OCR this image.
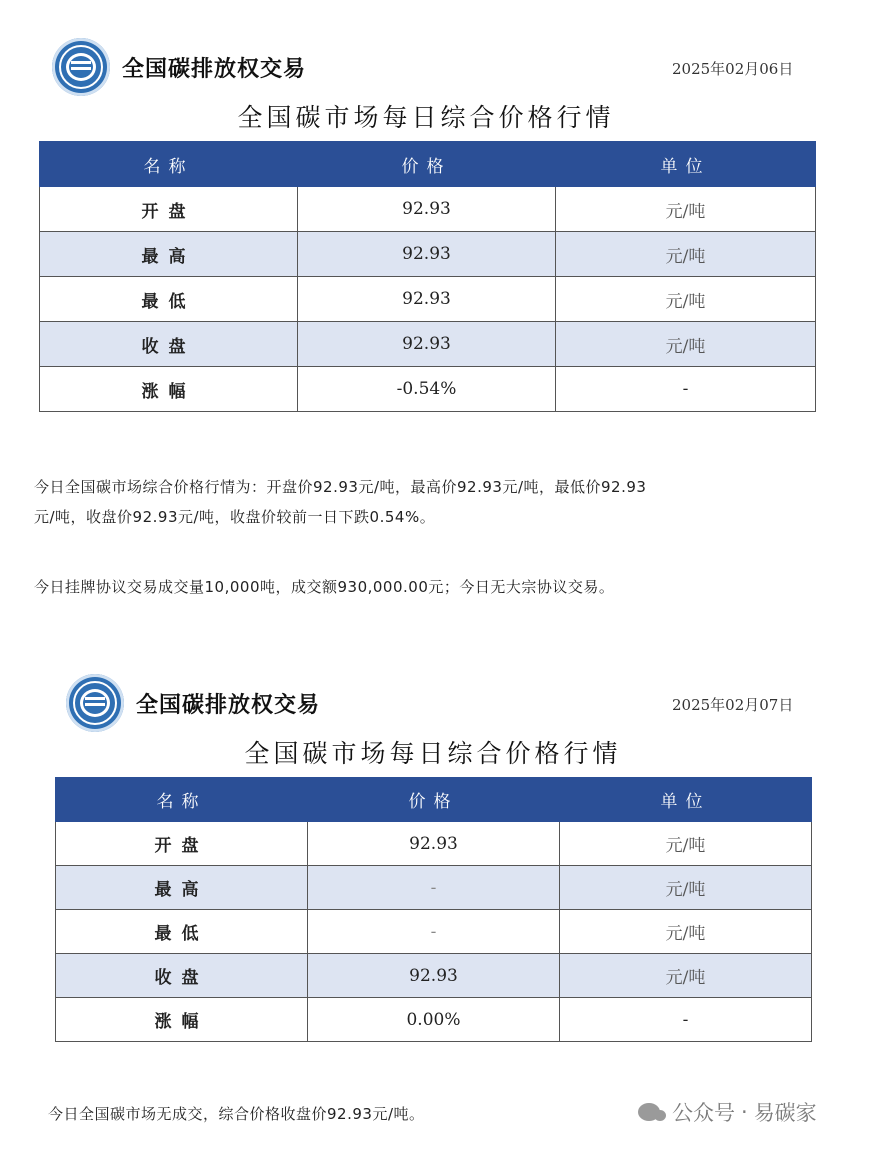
全国碳排放权交易	2025年02月06日
全国碳市场每日综合价格行情
名称	价格	单位
开盘	92.93	元/吨
最高	92.93	元/吨
最低	92.93	元/吨
收盘	92.93	元/吨
涨幅	-0.54%	-
今日全国碳市场综合价格行情为：开盘价92.93元/吨，最高价92.93元/吨，最低价92.93
元/吨，收盘价92.93元/吨，收盘价较前一日下跌0.54%。
今日挂牌协议交易成交量10,000吨，成交额930,000.00元；今日无大宗协议交易。
全国碳排放权交易	2025年02月07日
全国碳市场每日综合价格行情
名称	价格	单位
开盘	92.93	元/吨
最高	-	元/吨
最低	-	元/吨
收盘	92.93	元/吨
涨幅	0.00%	-
今日全国碳市场无成交，综合价格收盘价92.93元/吨。	公众号 · 易碳家
